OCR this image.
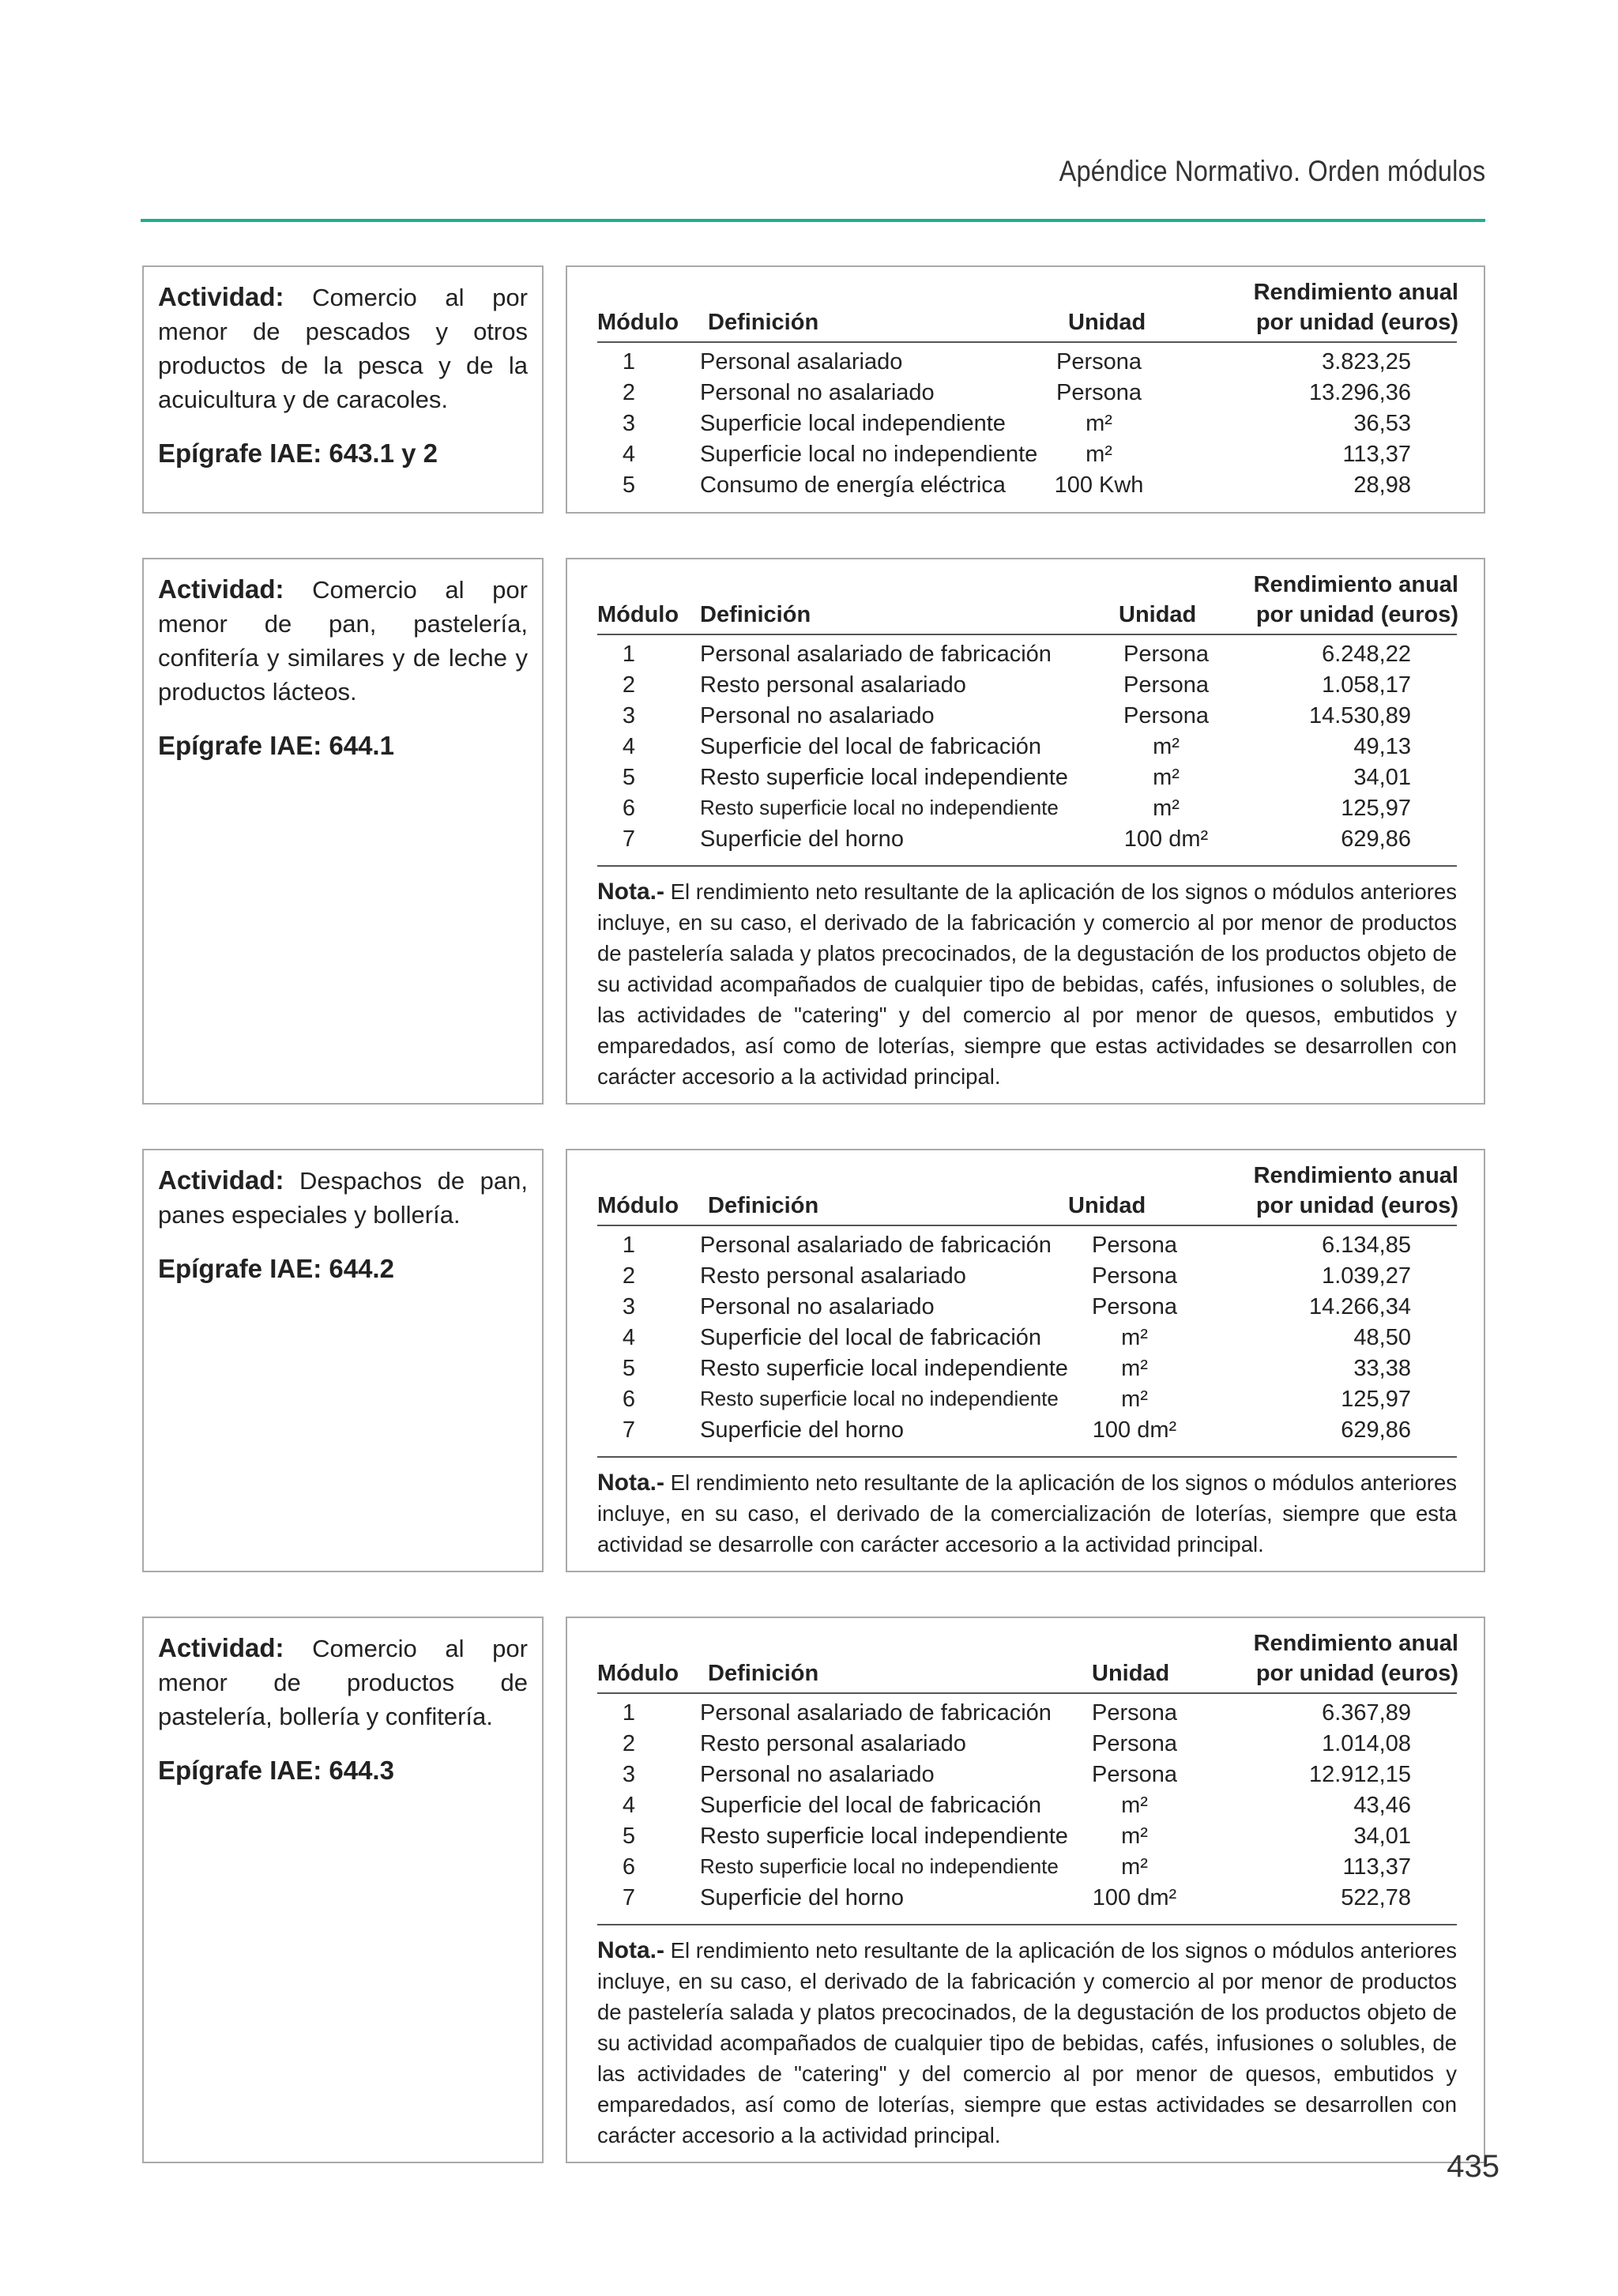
Apéndice Normativo. Orden módulos
Actividad: Comercio al por menor de pescados y otros productos de la pesca y de la acuicultura y de caracoles.
Epígrafe IAE: 643.1 y 2
Módulo Definición	Unidad
Rendimiento anual
por unidad (euros)
1	Personal asalariado	Persona	3.823,25
2	Personal no asalariado	Persona	13.296,36
3	Superficie local independiente	m²	36,53
4	Superficie local no independiente	m²	113,37
5	Consumo de energía eléctrica	100 Kwh	28,98
Actividad: Comercio al por menor de pan, pastelería, confitería y similares y de leche y productos lácteos.
Epígrafe IAE: 644.1
Módulo Definición	Unidad
Rendimiento anual
por unidad (euros)
1	Personal asalariado de fabricación	Persona	6.248,22
2	Resto personal asalariado	Persona	1.058,17
3	Personal no asalariado	Persona	14.530,89
4	Superficie del local de fabricación	m²	49,13
5	Resto superficie local independiente	m²	34,01
6	Resto superficie local no independiente	m²	125,97
7	Superficie del horno	100 dm²	629,86
Nota.- El rendimiento neto resultante de la aplicación de los signos o módulos anteriores incluye, en su caso, el derivado de la fabricación y comercio al por menor de productos de pastelería salada y platos precocinados, de la degustación de los productos objeto de su actividad acompañados de cualquier tipo de bebidas, cafés, infusiones o solubles, de las actividades de "catering" y del comercio al por menor de quesos, embutidos y emparedados, así como de loterías, siempre que estas actividades se desarrollen con carácter accesorio a la actividad principal.
Actividad: Despachos de pan, panes especiales y bollería.
Epígrafe IAE: 644.2
Módulo Definición	Unidad
Rendimiento anual
por unidad (euros)
1	Personal asalariado de fabricación	Persona	6.134,85
2	Resto personal asalariado	Persona	1.039,27
3	Personal no asalariado	Persona	14.266,34
4	Superficie del local de fabricación	m²	48,50
5	Resto superficie local independiente	m²	33,38
6	Resto superficie local no independiente	m²	125,97
7	Superficie del horno	100 dm²	629,86
Nota.- El rendimiento neto resultante de la aplicación de los signos o módulos anteriores incluye, en su caso, el derivado de la comercialización de loterías, siempre que esta actividad se desarrolle con carácter accesorio a la actividad principal.
Actividad: Comercio al por menor de productos de pastelería, bollería y confitería.
Epígrafe IAE: 644.3
Módulo Definición	Unidad
Rendimiento anual
por unidad (euros)
1	Personal asalariado de fabricación	Persona	6.367,89
2	Resto personal asalariado	Persona	1.014,08
3	Personal no asalariado	Persona	12.912,15
4	Superficie del local de fabricación	m²	43,46
5	Resto superficie local independiente	m²	34,01
6	Resto superficie local no independiente	m²	113,37
7	Superficie del horno	100 dm²	522,78
Nota.- El rendimiento neto resultante de la aplicación de los signos o módulos anteriores incluye, en su caso, el derivado de la fabricación y comercio al por menor de productos de pastelería salada y platos precocinados, de la degustación de los productos objeto de su actividad acompañados de cualquier tipo de bebidas, cafés, infusiones o solubles, de las actividades de "catering" y del comercio al por menor de quesos, embutidos y emparedados, así como de loterías, siempre que estas actividades se desarrollen con carácter accesorio a la actividad principal.
435
